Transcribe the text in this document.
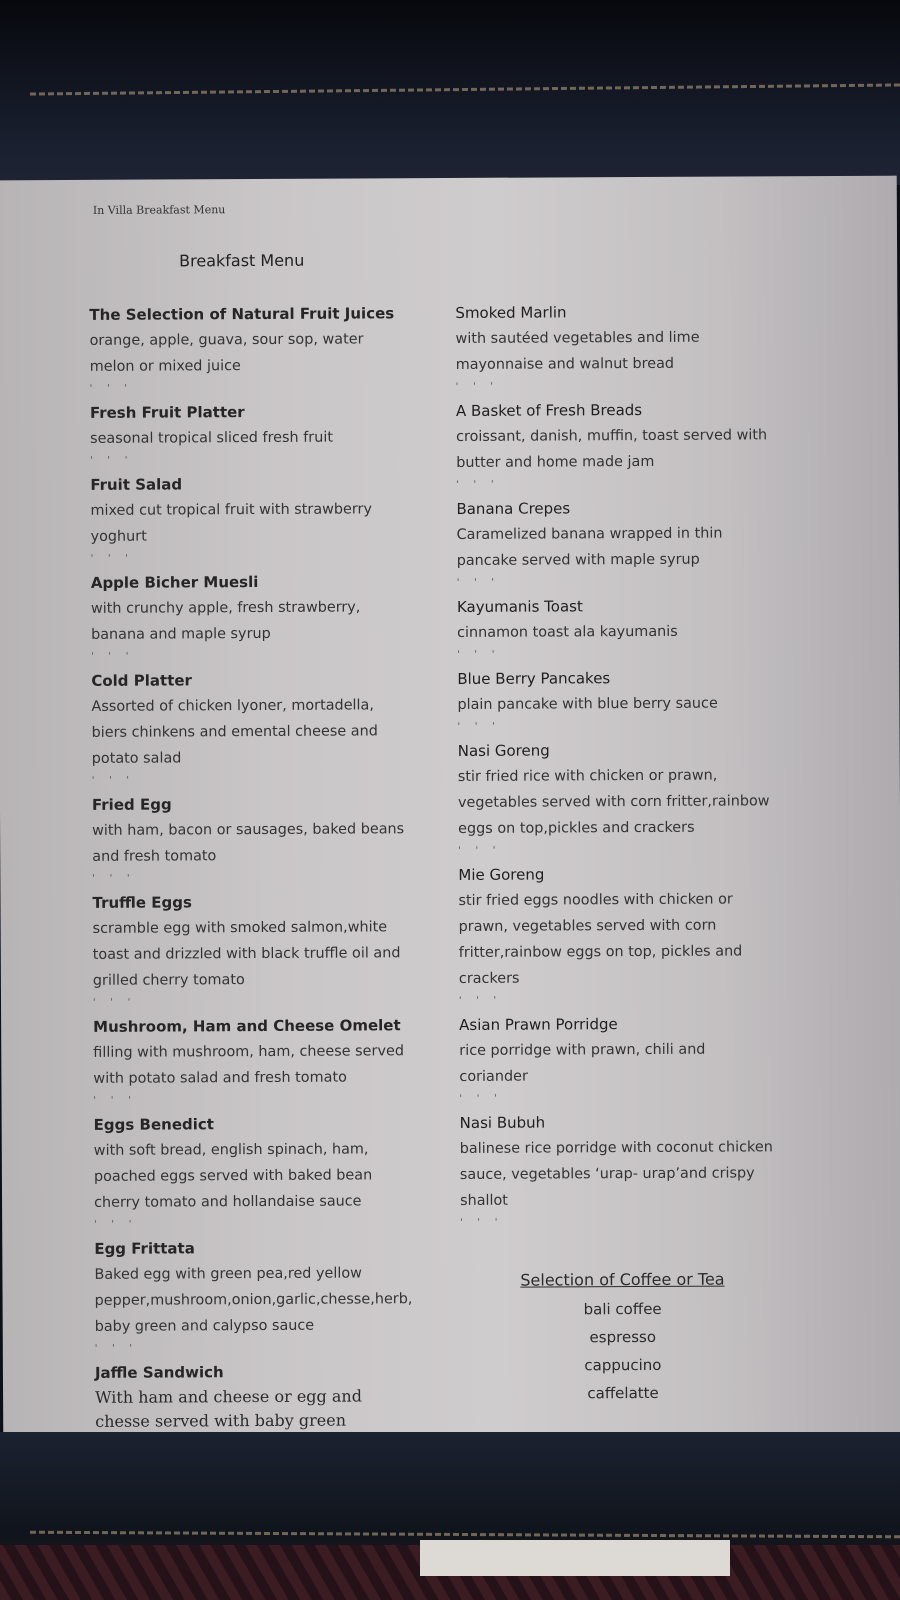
In Villa Breakfast Menu
Breakfast Menu
The Selection of Natural Fruit Juices
orange, apple, guava, sour sop, water
melon or mixed juice
' ' '
Fresh Fruit Platter
seasonal tropical sliced fresh fruit
' ' '
Fruit Salad
mixed cut tropical fruit with strawberry
yoghurt
' ' '
Apple Bicher Muesli
with crunchy apple, fresh strawberry,
banana and maple syrup
' ' '
Cold Platter
Assorted of chicken lyoner, mortadella,
biers chinkens and emental cheese and
potato salad
' ' '
Fried Egg
with ham, bacon or sausages, baked beans
and fresh tomato
' ' '
Truffle Eggs
scramble egg with smoked salmon,white
toast and drizzled with black truffle oil and
grilled cherry tomato
' ' '
Mushroom, Ham and Cheese Omelet
filling with mushroom, ham, cheese served
with potato salad and fresh tomato
' ' '
Eggs Benedict
with soft bread, english spinach, ham,
poached eggs served with baked bean
cherry tomato and hollandaise sauce
' ' '
Egg Frittata
Baked egg with green pea,red yellow
pepper,mushroom,onion,garlic,chesse,herb,
baby green and calypso sauce
' ' '
Jaffle Sandwich
With ham and cheese or egg and
chesse served with baby green
Smoked Marlin
with sautéed vegetables and lime
mayonnaise and walnut bread
' ' '
A Basket of Fresh Breads
croissant, danish, muffin, toast served with
butter and home made jam
' ' '
Banana Crepes
Caramelized banana wrapped in thin
pancake served with maple syrup
' ' '
Kayumanis Toast
cinnamon toast ala kayumanis
' ' '
Blue Berry Pancakes
plain pancake with blue berry sauce
' ' '
Nasi Goreng
stir fried rice with chicken or prawn,
vegetables served with corn fritter,rainbow
eggs on top,pickles and crackers
' ' '
Mie Goreng
stir fried eggs noodles with chicken or
prawn, vegetables served with corn
fritter,rainbow eggs on top, pickles and
crackers
' ' '
Asian Prawn Porridge
rice porridge with prawn, chili and
coriander
' ' '
Nasi Bubuh
balinese rice porridge with coconut chicken
sauce, vegetables ‘urap- urap’and crispy
shallot
' ' '
Selection of Coffee or Tea
bali coffee
espresso
cappucino
caffelatte
